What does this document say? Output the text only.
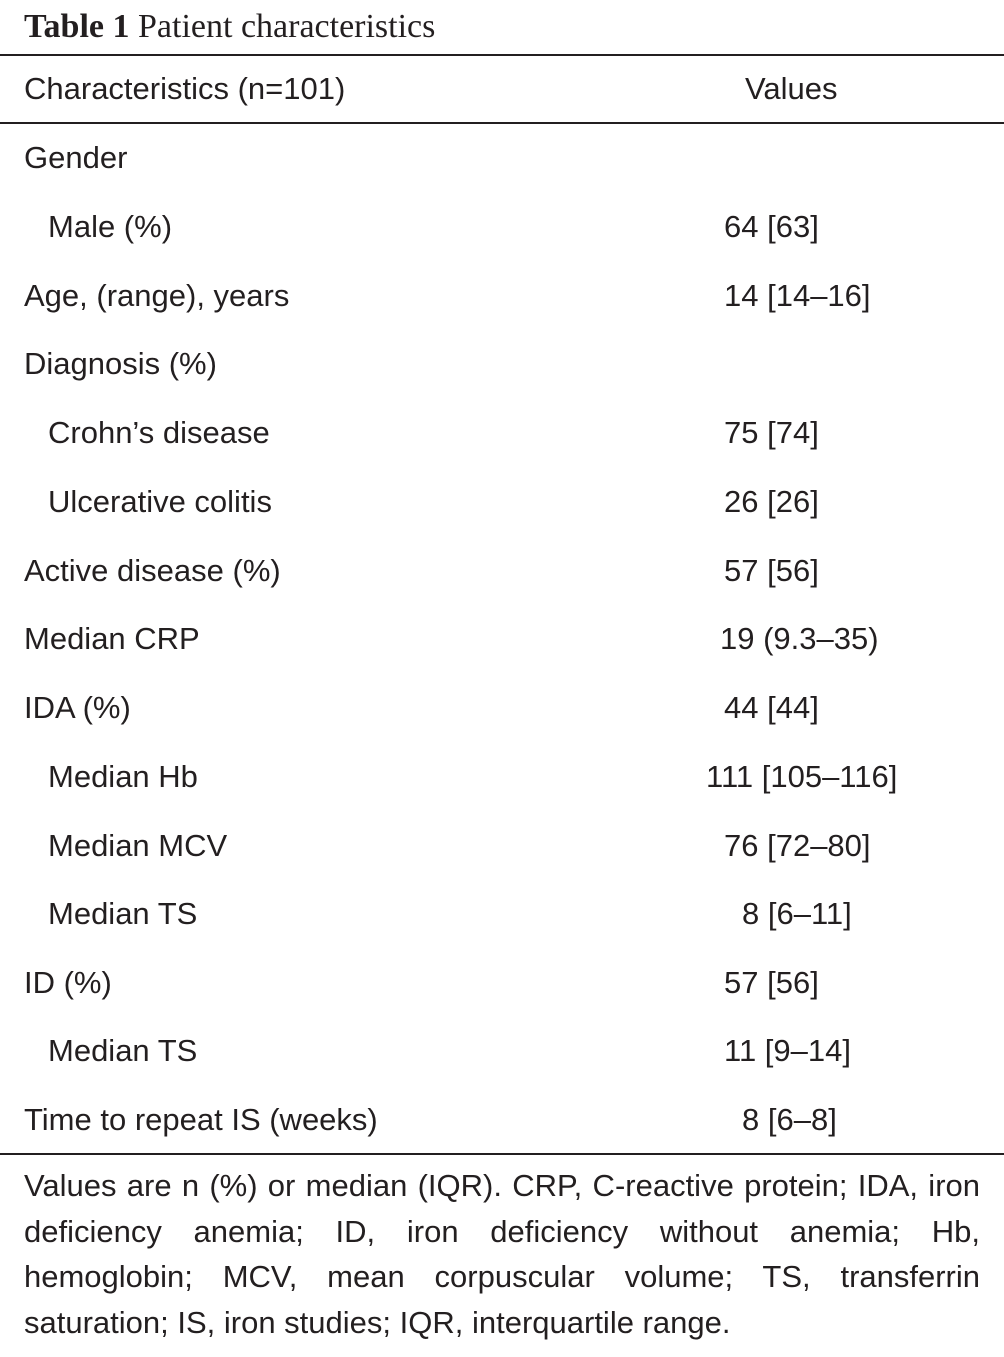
Table 1 Patient characteristics
Characteristics (n=101)	Values
Gender
Male (%)	64 [63]
Age, (range), years	14 [14–16]
Diagnosis (%)
Crohn’s disease	75 [74]
Ulcerative colitis	26 [26]
Active disease (%)	57 [56]
Median CRP	19 (9.3–35)
IDA (%)	44 [44]
Median Hb	111 [105–116]
Median MCV	76 [72–80]
Median TS	8 [6–11]
ID (%)	57 [56]
Median TS	11 [9–14]
Time to repeat IS (weeks)	8 [6–8]
Values are n (%) or median (IQR). CRP, C-reactive protein; IDA, iron deficiency anemia; ID, iron deficiency without anemia; Hb, hemoglobin; MCV, mean corpuscular volume; TS, transferrin saturation; IS, iron studies; IQR, interquartile range.
